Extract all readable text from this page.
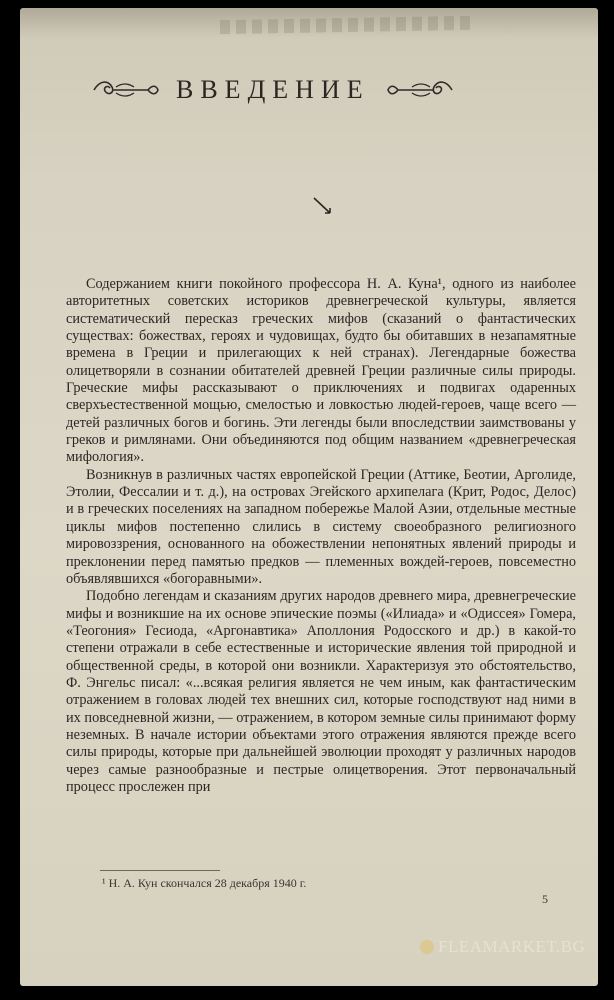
ВВЕДЕНИЕ

Содержанием книги покойного профессора Н. А. Куна¹, одного из наиболее авторитетных советских историков древнегреческой культуры, является систематический пересказ греческих мифов (сказаний о фантастических существах: божествах, героях и чудовищах, будто бы обитавших в незапамятные времена в Греции и прилегающих к ней странах). Легендарные божества олицетворяли в сознании обитателей древней Греции различные силы природы. Греческие мифы рассказывают о приключениях и подвигах одаренных сверхъестественной мощью, смелостью и ловкостью людей-героев, чаще всего — детей различных богов и богинь. Эти легенды были впоследствии заимствованы у греков и римлянами. Они объединяются под общим названием «древнегреческая мифология».

Возникнув в различных частях европейской Греции (Аттике, Беотии, Арголиде, Этолии, Фессалии и т. д.), на островах Эгейского архипелага (Крит, Родос, Делос) и в греческих поселениях на западном побережье Малой Азии, отдельные местные циклы мифов постепенно слились в систему своеобразного религиозного мировоззрения, основанного на обожествлении непонятных явлений природы и преклонении перед памятью предков — племенных вождей-героев, повсеместно объявлявшихся «богоравными».

Подобно легендам и сказаниям других народов древнего мира, древнегреческие мифы и возникшие на их основе эпические поэмы («Илиада» и «Одиссея» Гомера, «Теогония» Гесиода, «Аргонавтика» Аполлония Родосского и др.) в какой-то степени отражали в себе естественные и исторические явления той природной и общественной среды, в которой они возникли. Характеризуя это обстоятельство, Ф. Энгельс писал: «...всякая религия является не чем иным, как фантастическим отражением в головах людей тех внешних сил, которые господствуют над ними в их повседневной жизни, — отражением, в котором земные силы принимают форму неземных. В начале истории объектами этого отражения являются прежде всего силы природы, которые при дальнейшей эволюции проходят у различных народов через самые разнообразные и пестрые олицетворения. Этот первоначальный процесс прослежен при

¹ Н. А. Кун скончался 28 декабря 1940 г.
5
FLEAMARKET.BG
